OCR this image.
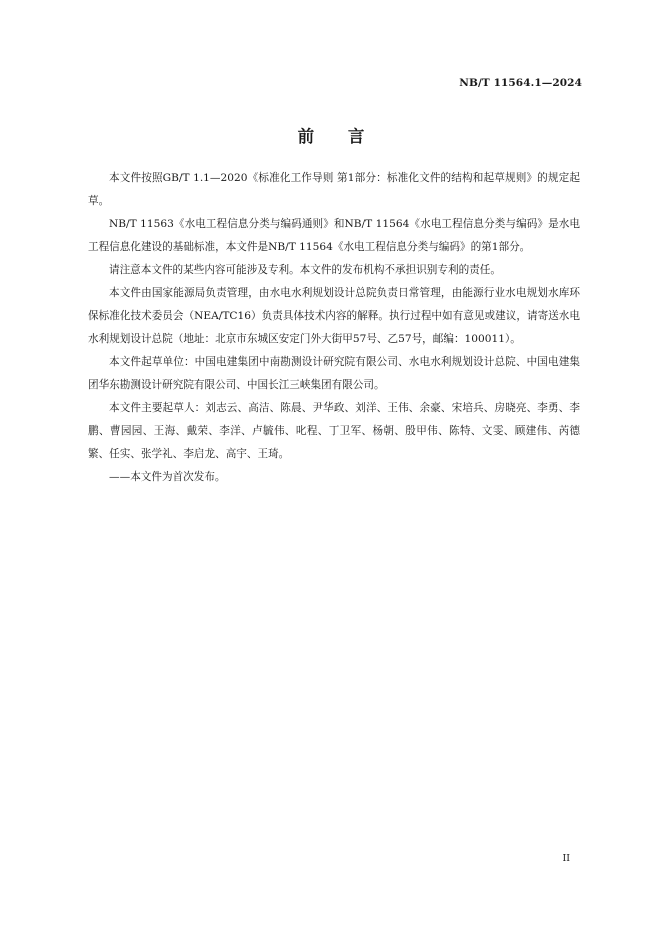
NB/T 11564.1—2024
前 言

本文件按照GB/T 1.1—2020《标准化工作导则 第1部分：标准化文件的结构和起草规则》的规定起草。

NB/T 11563《水电工程信息分类与编码通则》和NB/T 11564《水电工程信息分类与编码》是水电工程信息化建设的基础标准，本文件是NB/T 11564《水电工程信息分类与编码》的第1部分。

请注意本文件的某些内容可能涉及专利。本文件的发布机构不承担识别专利的责任。

本文件由国家能源局负责管理，由水电水利规划设计总院负责日常管理，由能源行业水电规划水库环保标准化技术委员会（NEA/TC16）负责具体技术内容的解释。执行过程中如有意见或建议，请寄送水电水利规划设计总院（地址：北京市东城区安定门外大街甲57号、乙57号，邮编：100011）。

本文件起草单位：中国电建集团中南勘测设计研究院有限公司、水电水利规划设计总院、中国电建集团华东勘测设计研究院有限公司、中国长江三峡集团有限公司。

本文件主要起草人：刘志云、高洁、陈晨、尹华政、刘洋、王伟、余豪、宋培兵、房晓亮、李勇、李鹏、曹园园、王海、戴荣、李洋、卢毓伟、叱程、丁卫军、杨朝、殷甲伟、陈特、文雯、顾建伟、芮德繁、任实、张学礼、李启龙、高宇、王琦。

——本文件为首次发布。

II
